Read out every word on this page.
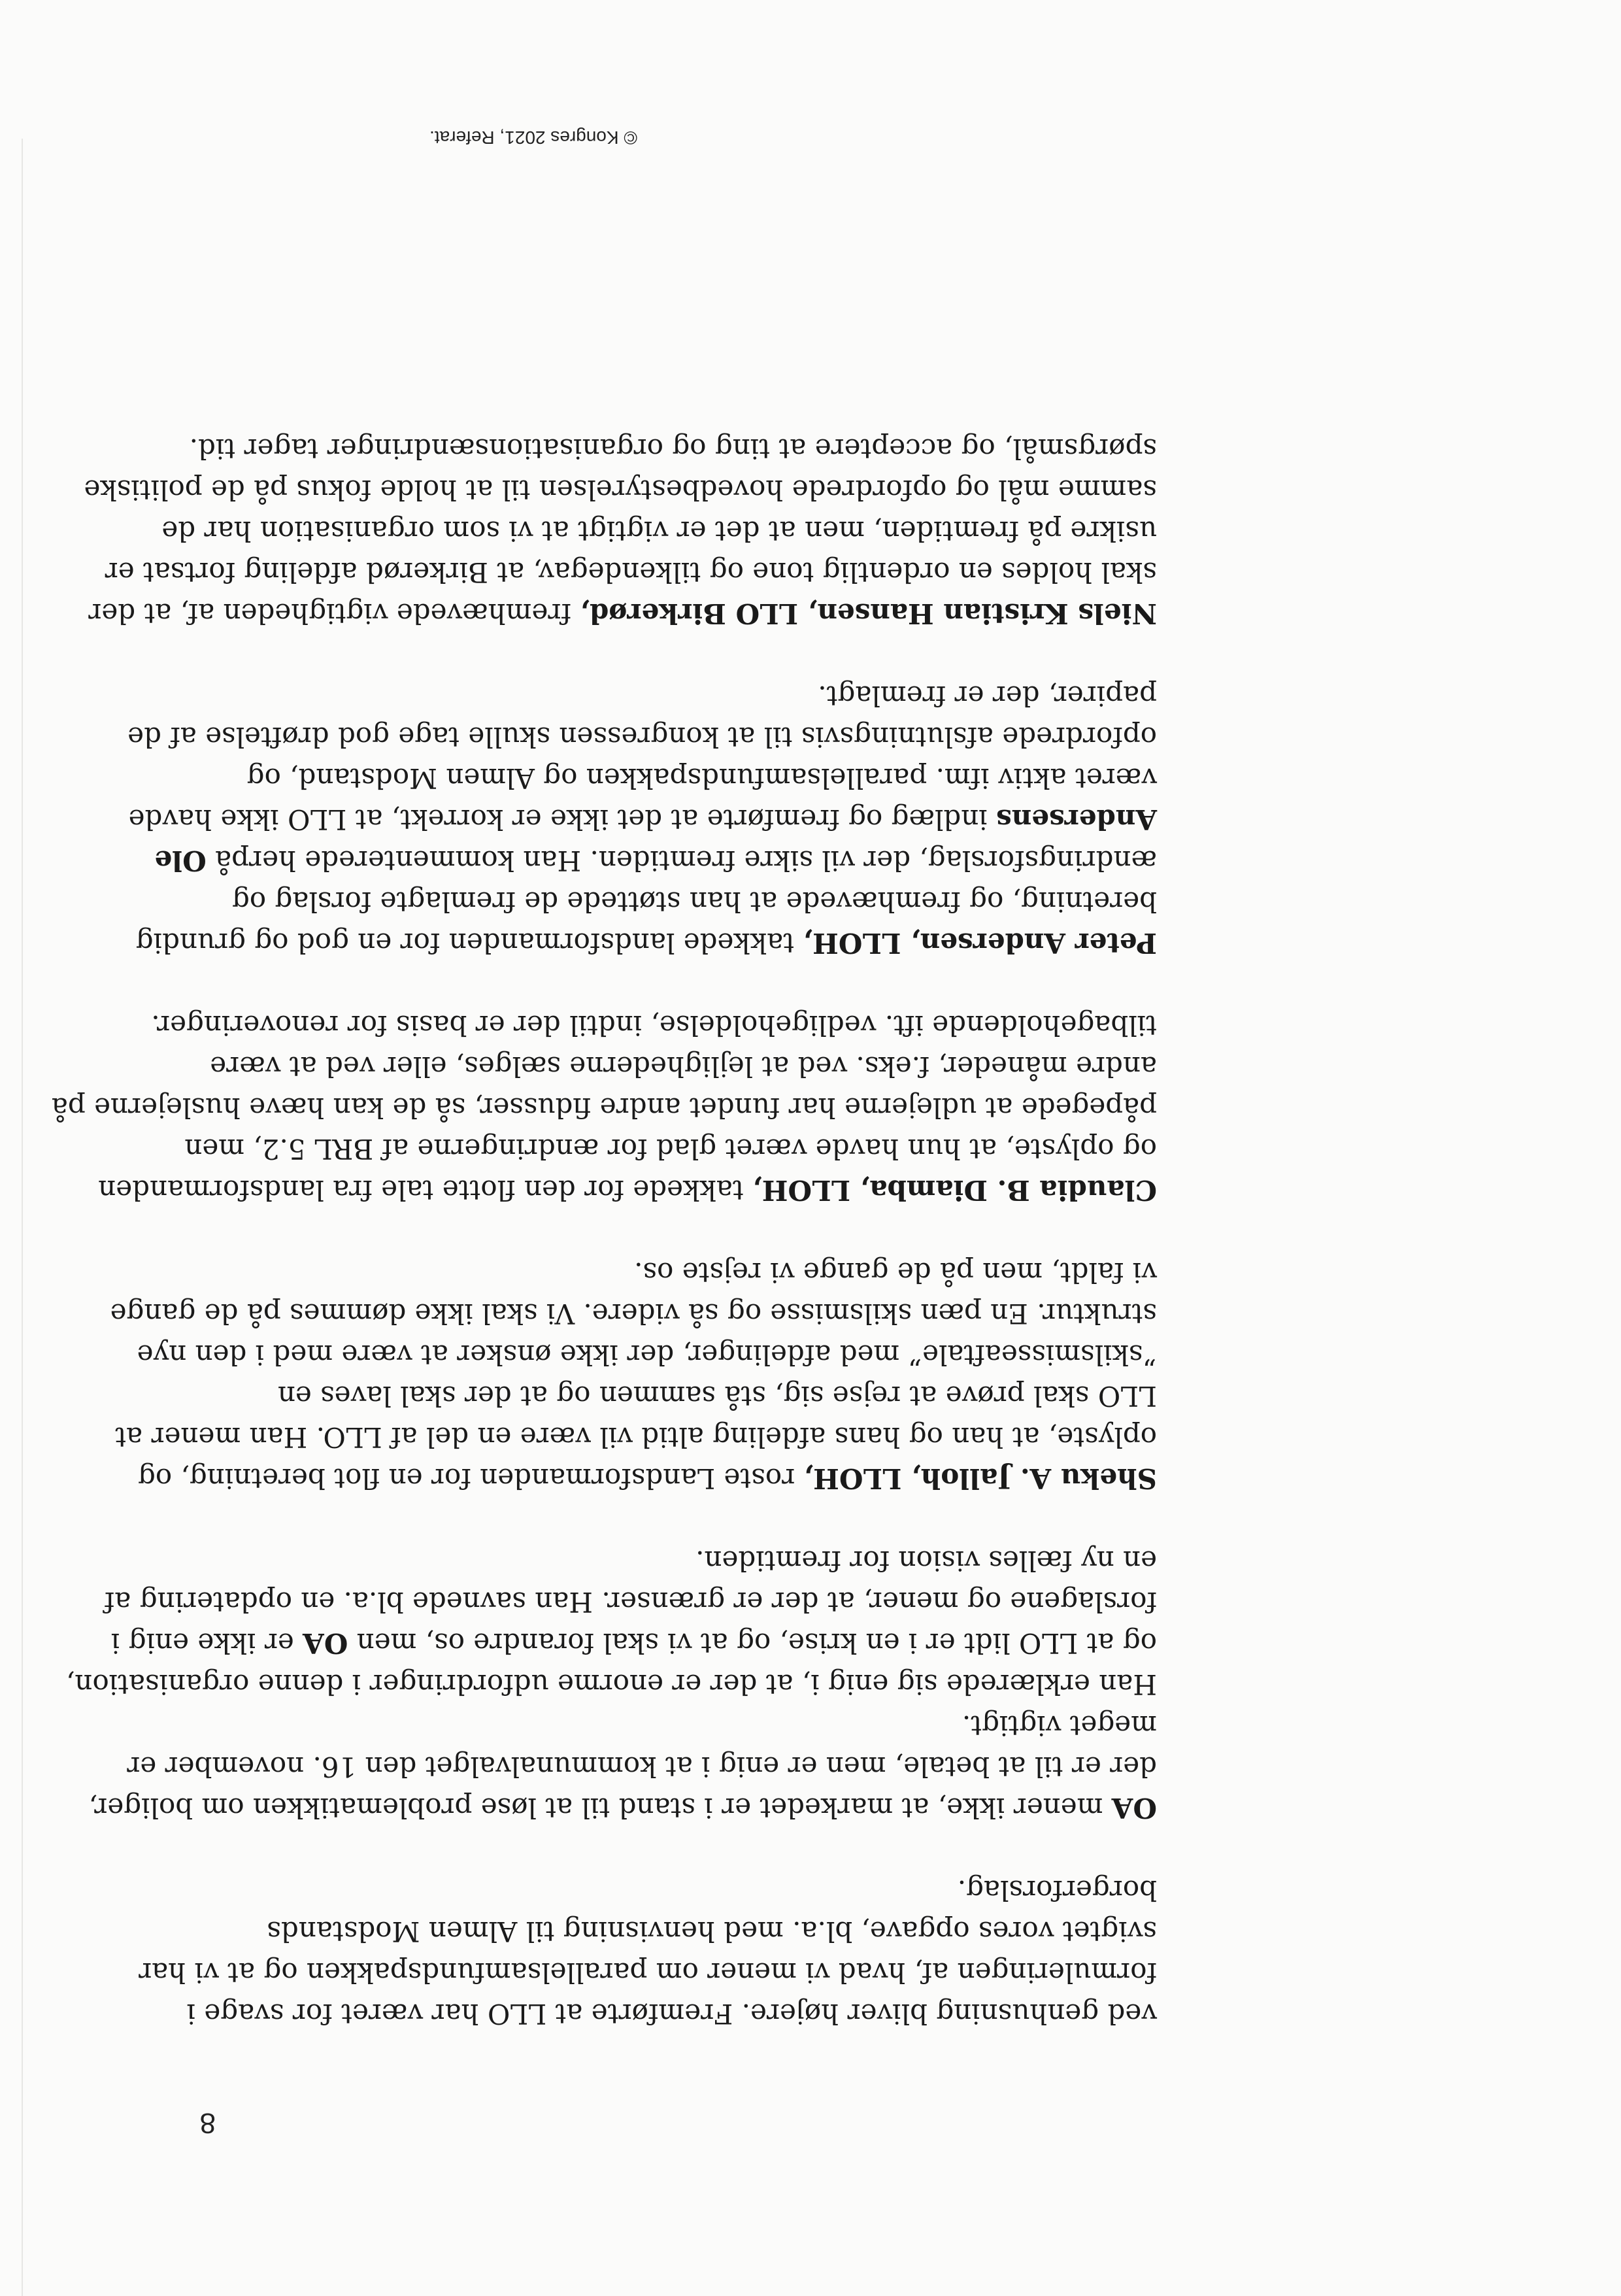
8
ved genhusning bliver højere. Fremførte at LLO har været for svage i
formuleringen af, hvad vi mener om parallelsamfundspakken og at vi har
svigtet vores opgave, bl.a. med henvisning til Almen Modstands
borgerforslag.
OA mener ikke, at markedet er i stand til at løse problematikken om boliger,
der er til at betale, men er enig i at kommunalvalget den 16. november er
meget vigtigt.
Han erklærede sig enig i, at der er enorme udfordringer i denne organisation,
og at LLO lidt er i en krise, og at vi skal forandre os, men OA er ikke enig i
forslagene og mener, at der er grænser. Han savnede bl.a. en opdatering af
en ny fælles vision for fremtiden.
Sheku A. Jalloh, LLOH, roste Landsformanden for en flot beretning, og
oplyste, at han og hans afdeling altid vil være en del af LLO. Han mener at
LLO skal prøve at rejse sig, stå sammen og at der skal laves en
”skilsmisseaftale” med afdelinger, der ikke ønsker at være med i den nye
struktur. En pæn skilsmisse og så videre. Vi skal ikke dømmes på de gange
vi faldt, men på de gange vi rejste os.
Claudia B. Diamba, LLOH, takkede for den flotte tale fra landsformanden
og oplyste, at hun havde været glad for ændringerne af BRL 5.2, men
påpegede at udlejerne har fundet andre fidusser, så de kan hæve huslejerne på
andre måneder, f.eks. ved at lejlighederne sælges, eller ved at være
tilbageholdende ift. vedligeholdelse, indtil der er basis for renoveringer.
Peter Andersen, LLOH, takkede landsformanden for en god og grundig
beretning, og fremhævede at han støttede de fremlagte forslag og
ændringsforslag, der vil sikre fremtiden. Han kommenterede herpå Ole
Andersens indlæg og fremførte at det ikke er korrekt, at LLO ikke havde
været aktiv ifm. parallelsamfundspakken og Almen Modstand, og
opfordrede afslutningsvis til at kongressen skulle tage god drøftelse af de
papirer, der er fremlagt.
Niels Kristian Hansen, LLO Birkerød, fremhævede vigtigheden af, at der
skal holdes en ordentlig tone og tilkendegav, at Birkerød afdeling fortsat er
usikre på fremtiden, men at det er vigtigt at vi som organisation har de
samme mål og opfordrede hovedbestyrelsen til at holde fokus på de politiske
spørgsmål, og acceptere at ting og organisationsændringer tager tid.
© Kongres 2021, Referat.
